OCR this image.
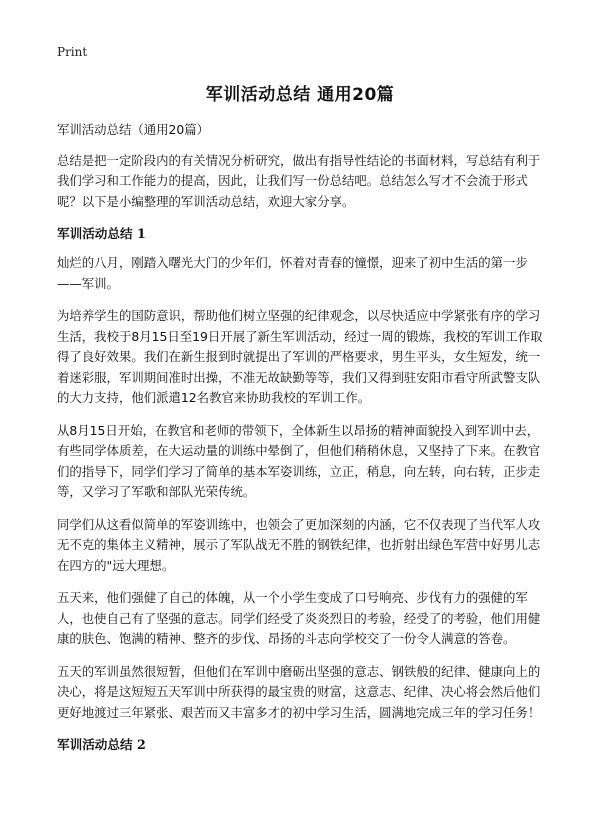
Print
军训活动总结 通用20篇

军训活动总结（通用20篇）

总结是把一定阶段内的有关情况分析研究，做出有指导性结论的书面材料，写总结有利于我们学习和工作能力的提高，因此，让我们写一份总结吧。总结怎么写才不会流于形式呢？以下是小编整理的军训活动总结，欢迎大家分享。

军训活动总结 1

灿烂的八月，刚踏入曙光大门的少年们，怀着对青春的憧憬，迎来了初中生活的第一步——军训。

为培养学生的国防意识，帮助他们树立坚强的纪律观念，以尽快适应中学紧张有序的学习生活，我校于8月15日至19日开展了新生军训活动，经过一周的锻炼，我校的军训工作取得了良好效果。我们在新生报到时就提出了军训的严格要求，男生平头，女生短发，统一着迷彩服，军训期间准时出操，不准无故缺勤等等，我们又得到驻安阳市看守所武警支队的大力支持，他们派遣12名教官来协助我校的军训工作。

从8月15日开始，在教官和老师的带领下，全体新生以昂扬的精神面貌投入到军训中去，有些同学体质差，在大运动量的训练中晕倒了，但他们稍稍休息，又坚持了下来。在教官们的指导下，同学们学习了简单的基本军姿训练，立正，稍息，向左转，向右转，正步走等，又学习了军歌和部队光荣传统。

同学们从这看似简单的军姿训练中，也领会了更加深刻的内涵，它不仅表现了当代军人攻无不克的集体主义精神，展示了军队战无不胜的钢铁纪律，也折射出绿色军营中好男儿志在四方的"远大理想。

五天来，他们强健了自己的体魄，从一个小学生变成了口号响亮、步伐有力的强健的军人，也使自己有了坚强的意志。同学们经受了炎炎烈日的考验，经受了的考验，他们用健康的肤色、饱满的精神、整齐的步伐、昂扬的斗志向学校交了一份令人满意的答卷。

五天的军训虽然很短暂，但他们在军训中磨砺出坚强的意志、钢铁般的纪律、健康向上的决心，将是这短短五天军训中所获得的最宝贵的财富，这意志、纪律、决心将会然后他们更好地渡过三年紧张、艰苦而又丰富多才的初中学习生活，圆满地完成三年的学习任务！

军训活动总结 2
